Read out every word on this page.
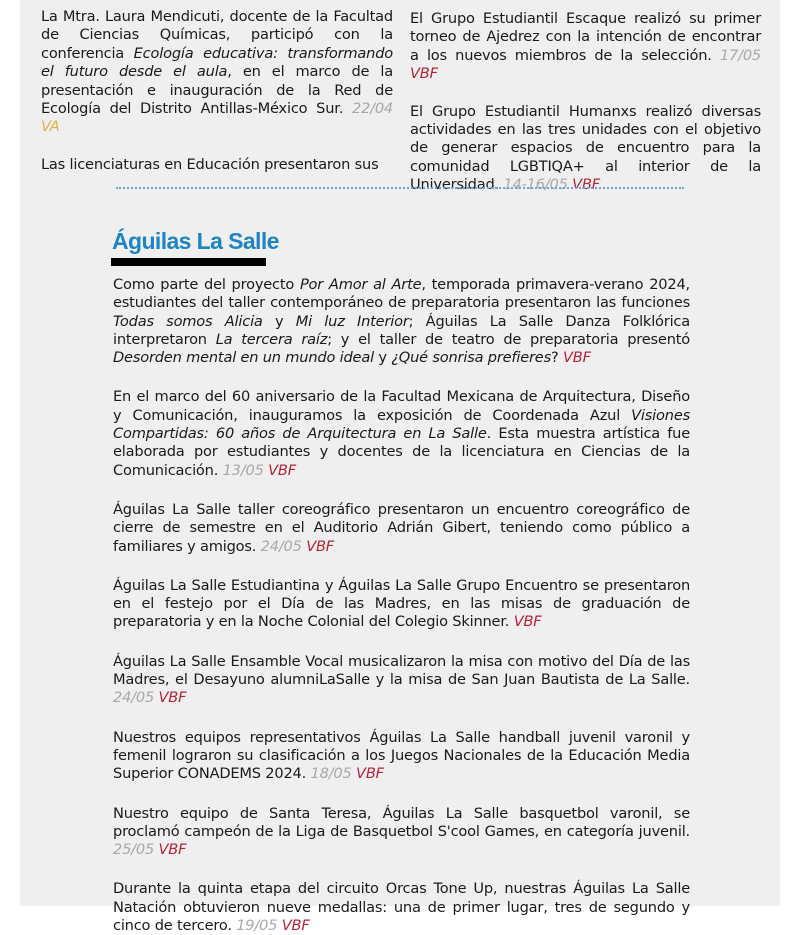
La Mtra. Laura Mendicuti, docente de la Facultad de Ciencias Químicas, participó con la conferencia Ecología educativa: transformando el futuro desde el aula, en el marco de la presentación e inauguración de la Red de Ecología del Distrito Antillas-México Sur. 22/04 VA

Las licenciaturas en Educación presentaron sus

El Grupo Estudiantil Escaque realizó su primer torneo de Ajedrez con la intención de encontrar a los nuevos miembros de la selección. 17/05 VBF

El Grupo Estudiantil Humanxs realizó diversas actividades en las tres unidades con el objetivo de generar espacios de encuentro para la comunidad LGBTIQA+ al interior de la Universidad. 14-16/05 VBF

Águilas La Salle

Como parte del proyecto Por Amor al Arte, temporada primavera-verano 2024, estudiantes del taller contemporáneo de preparatoria presentaron las funciones Todas somos Alicia y Mi luz Interior; Águilas La Salle Danza Folklórica interpretaron La tercera raíz; y el taller de teatro de preparatoria presentó Desorden mental en un mundo ideal y ¿Qué sonrisa prefieres? VBF

En el marco del 60 aniversario de la Facultad Mexicana de Arquitectura, Diseño y Comunicación, inauguramos la exposición de Coordenada Azul Visiones Compartidas: 60 años de Arquitectura en La Salle. Esta muestra artística fue elaborada por estudiantes y docentes de la licenciatura en Ciencias de la Comunicación. 13/05 VBF

Águilas La Salle taller coreográfico presentaron un encuentro coreográfico de cierre de semestre en el Auditorio Adrián Gibert, teniendo como público a familiares y amigos. 24/05 VBF

Águilas La Salle Estudiantina y Águilas La Salle Grupo Encuentro se presentaron en el festejo por el Día de las Madres, en las misas de graduación de preparatoria y en la Noche Colonial del Colegio Skinner. VBF

Águilas La Salle Ensamble Vocal musicalizaron la misa con motivo del Día de las Madres, el Desayuno alumniLaSalle y la misa de San Juan Bautista de La Salle. 24/05 VBF

Nuestros equipos representativos Águilas La Salle handball juvenil varonil y femenil lograron su clasificación a los Juegos Nacionales de la Educación Media Superior CONADEMS 2024. 18/05 VBF

Nuestro equipo de Santa Teresa, Águilas La Salle basquetbol varonil, se proclamó campeón de la Liga de Basquetbol S'cool Games, en categoría juvenil. 25/05 VBF

Durante la quinta etapa del circuito Orcas Tone Up, nuestras Águilas La Salle Natación obtuvieron nueve medallas: una de primer lugar, tres de segundo y cinco de tercero. 19/05 VBF
